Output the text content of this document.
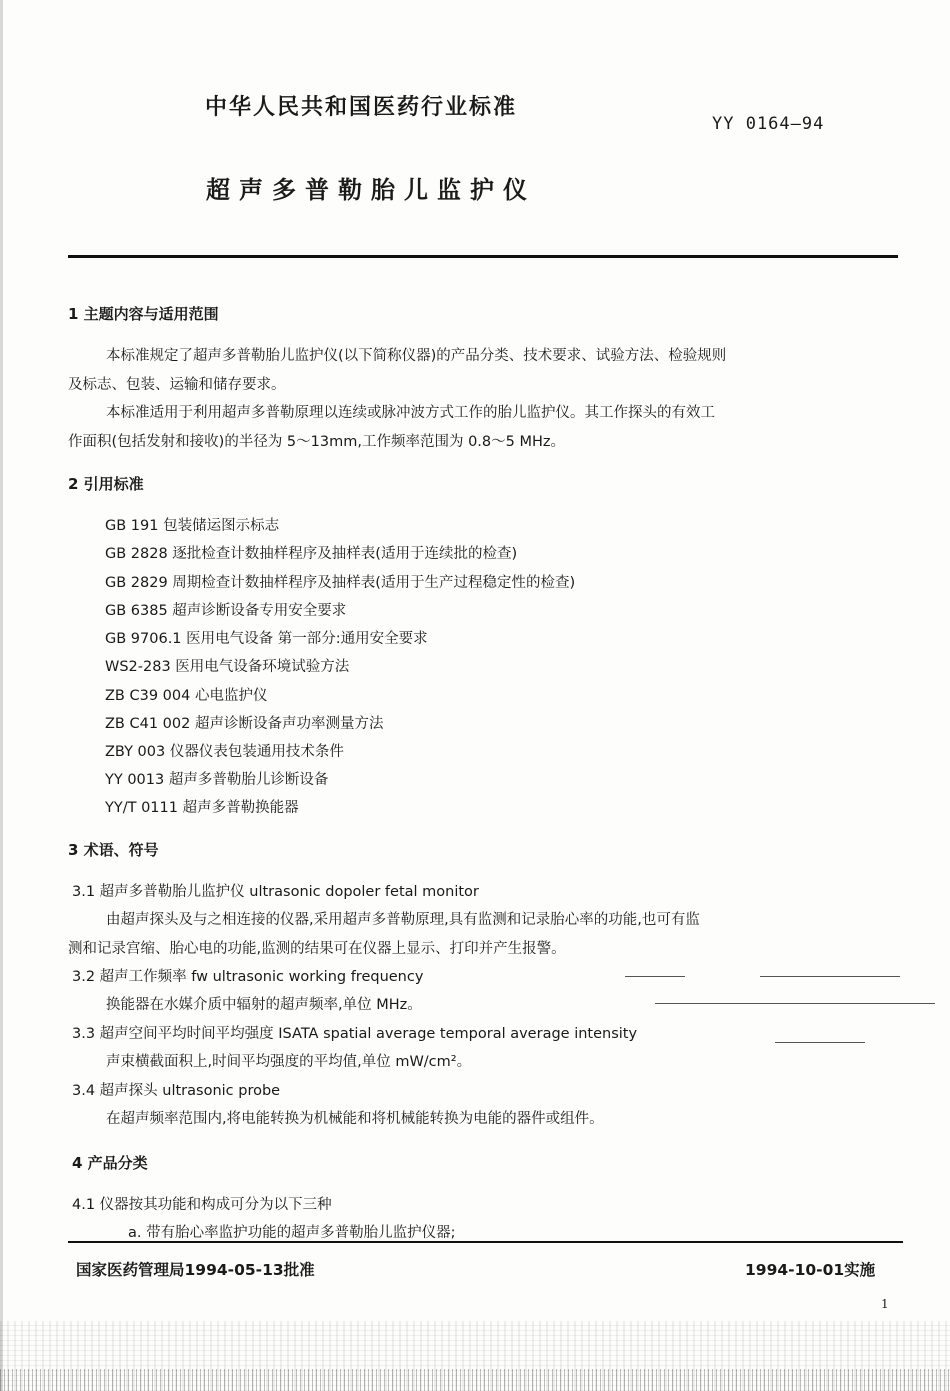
中华人民共和国医药行业标准
YY 0164—94
超声多普勒胎儿监护仪
1 主题内容与适用范围
本标准规定了超声多普勒胎儿监护仪(以下简称仪器)的产品分类、技术要求、试验方法、检验规则
及标志、包装、运输和储存要求。
本标准适用于利用超声多普勒原理以连续或脉冲波方式工作的胎儿监护仪。其工作探头的有效工
作面积(包括发射和接收)的半径为 5～13mm,工作频率范围为 0.8～5 MHz。
2 引用标准
GB 191 包装储运图示标志
GB 2828 逐批检查计数抽样程序及抽样表(适用于连续批的检查)
GB 2829 周期检查计数抽样程序及抽样表(适用于生产过程稳定性的检查)
GB 6385 超声诊断设备专用安全要求
GB 9706.1 医用电气设备 第一部分:通用安全要求
WS2-283 医用电气设备环境试验方法
ZB C39 004 心电监护仪
ZB C41 002 超声诊断设备声功率测量方法
ZBY 003 仪器仪表包装通用技术条件
YY 0013 超声多普勒胎儿诊断设备
YY/T 0111 超声多普勒换能器
3 术语、符号
3.1 超声多普勒胎儿监护仪 ultrasonic dopoler fetal monitor
由超声探头及与之相连接的仪器,采用超声多普勒原理,具有监测和记录胎心率的功能,也可有监
测和记录宫缩、胎心电的功能,监测的结果可在仪器上显示、打印并产生报警。
3.2 超声工作频率 fw ultrasonic working frequency
换能器在水媒介质中辐射的超声频率,单位 MHz。
3.3 超声空间平均时间平均强度 ISATA spatial average temporal average intensity
声束横截面积上,时间平均强度的平均值,单位 mW/cm²。
3.4 超声探头 ultrasonic probe
在超声频率范围内,将电能转换为机械能和将机械能转换为电能的器件或组件。
4 产品分类
4.1 仪器按其功能和构成可分为以下三种
a. 带有胎心率监护功能的超声多普勒胎儿监护仪器;
国家医药管理局1994-05-13批准	1994-10-01实施
1
